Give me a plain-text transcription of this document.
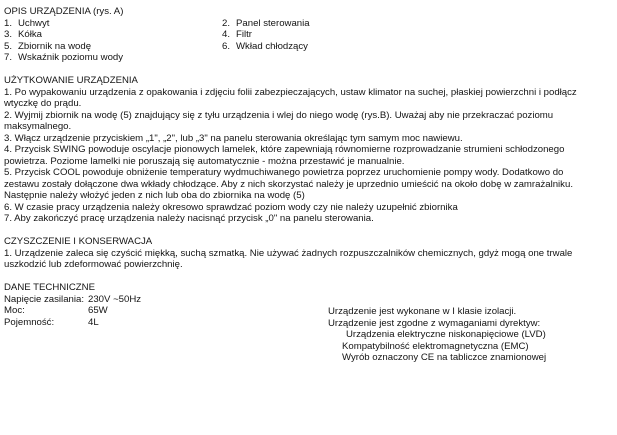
OPIS URZĄDZENIA (rys. A)
1. Uchwyt	2. Panel sterowania
3. Kółka	4. Filtr
5. Zbiornik na wodę	6. Wkład chłodzący
7. Wskaźnik poziomu wody
UŻYTKOWANIE URZĄDZENIA
1. Po wypakowaniu urządzenia z opakowania i zdjęciu folii zabezpieczających, ustaw klimator na suchej, płaskiej powierzchni i podłącz
wtyczkę do prądu.
2. Wyjmij zbiornik na wodę (5) znajdujący się z tyłu urządzenia i wlej do niego wodę (rys.B). Uważaj aby nie przekraczać poziomu
maksymalnego.
3. Włącz urządzenie przyciskiem „1", „2", lub „3" na panelu sterowania określając tym samym moc nawiewu.
4. Przycisk SWING powoduje oscylacje pionowych lamelek, które zapewniają równomierne rozprowadzanie strumieni schłodzonego
powietrza. Poziome lamelki nie poruszają się automatycznie - można przestawić je manualnie.
5. Przycisk COOL powoduje obniżenie temperatury wydmuchiwanego powietrza poprzez uruchomienie pompy wody. Dodatkowo do
zestawu zostały dołączone dwa wkłady chłodzące. Aby z nich skorzystać należy je uprzednio umieścić na około dobę w zamrażalniku.
Następnie należy włożyć jeden z nich lub oba do zbiornika na wodę (5)
6. W czasie pracy urządzenia należy okresowo sprawdzać poziom wody czy nie należy uzupełnić zbiornika
7. Aby zakończyć pracę urządzenia należy nacisnąć przycisk „0" na panelu sterowania.
CZYSZCZENIE I KONSERWACJA
1. Urządzenie zaleca się czyścić miękką, suchą szmatką. Nie używać żadnych rozpuszczalników chemicznych, gdyż mogą one trwale
uszkodzić lub zdeformować powierzchnię.
DANE TECHNICZNE
Napięcie zasilania: 230V ~50Hz
Moc:	65W
Pojemność:	4L
Urządzenie jest wykonane w I klasie izolacji.
Urządzenie jest zgodne z wymaganiami dyrektyw:
Urządzenia elektryczne niskonapięciowe (LVD)
Kompatybilność elektromagnetyczna (EMC)
Wyrób oznaczony CE na tabliczce znamionowej
